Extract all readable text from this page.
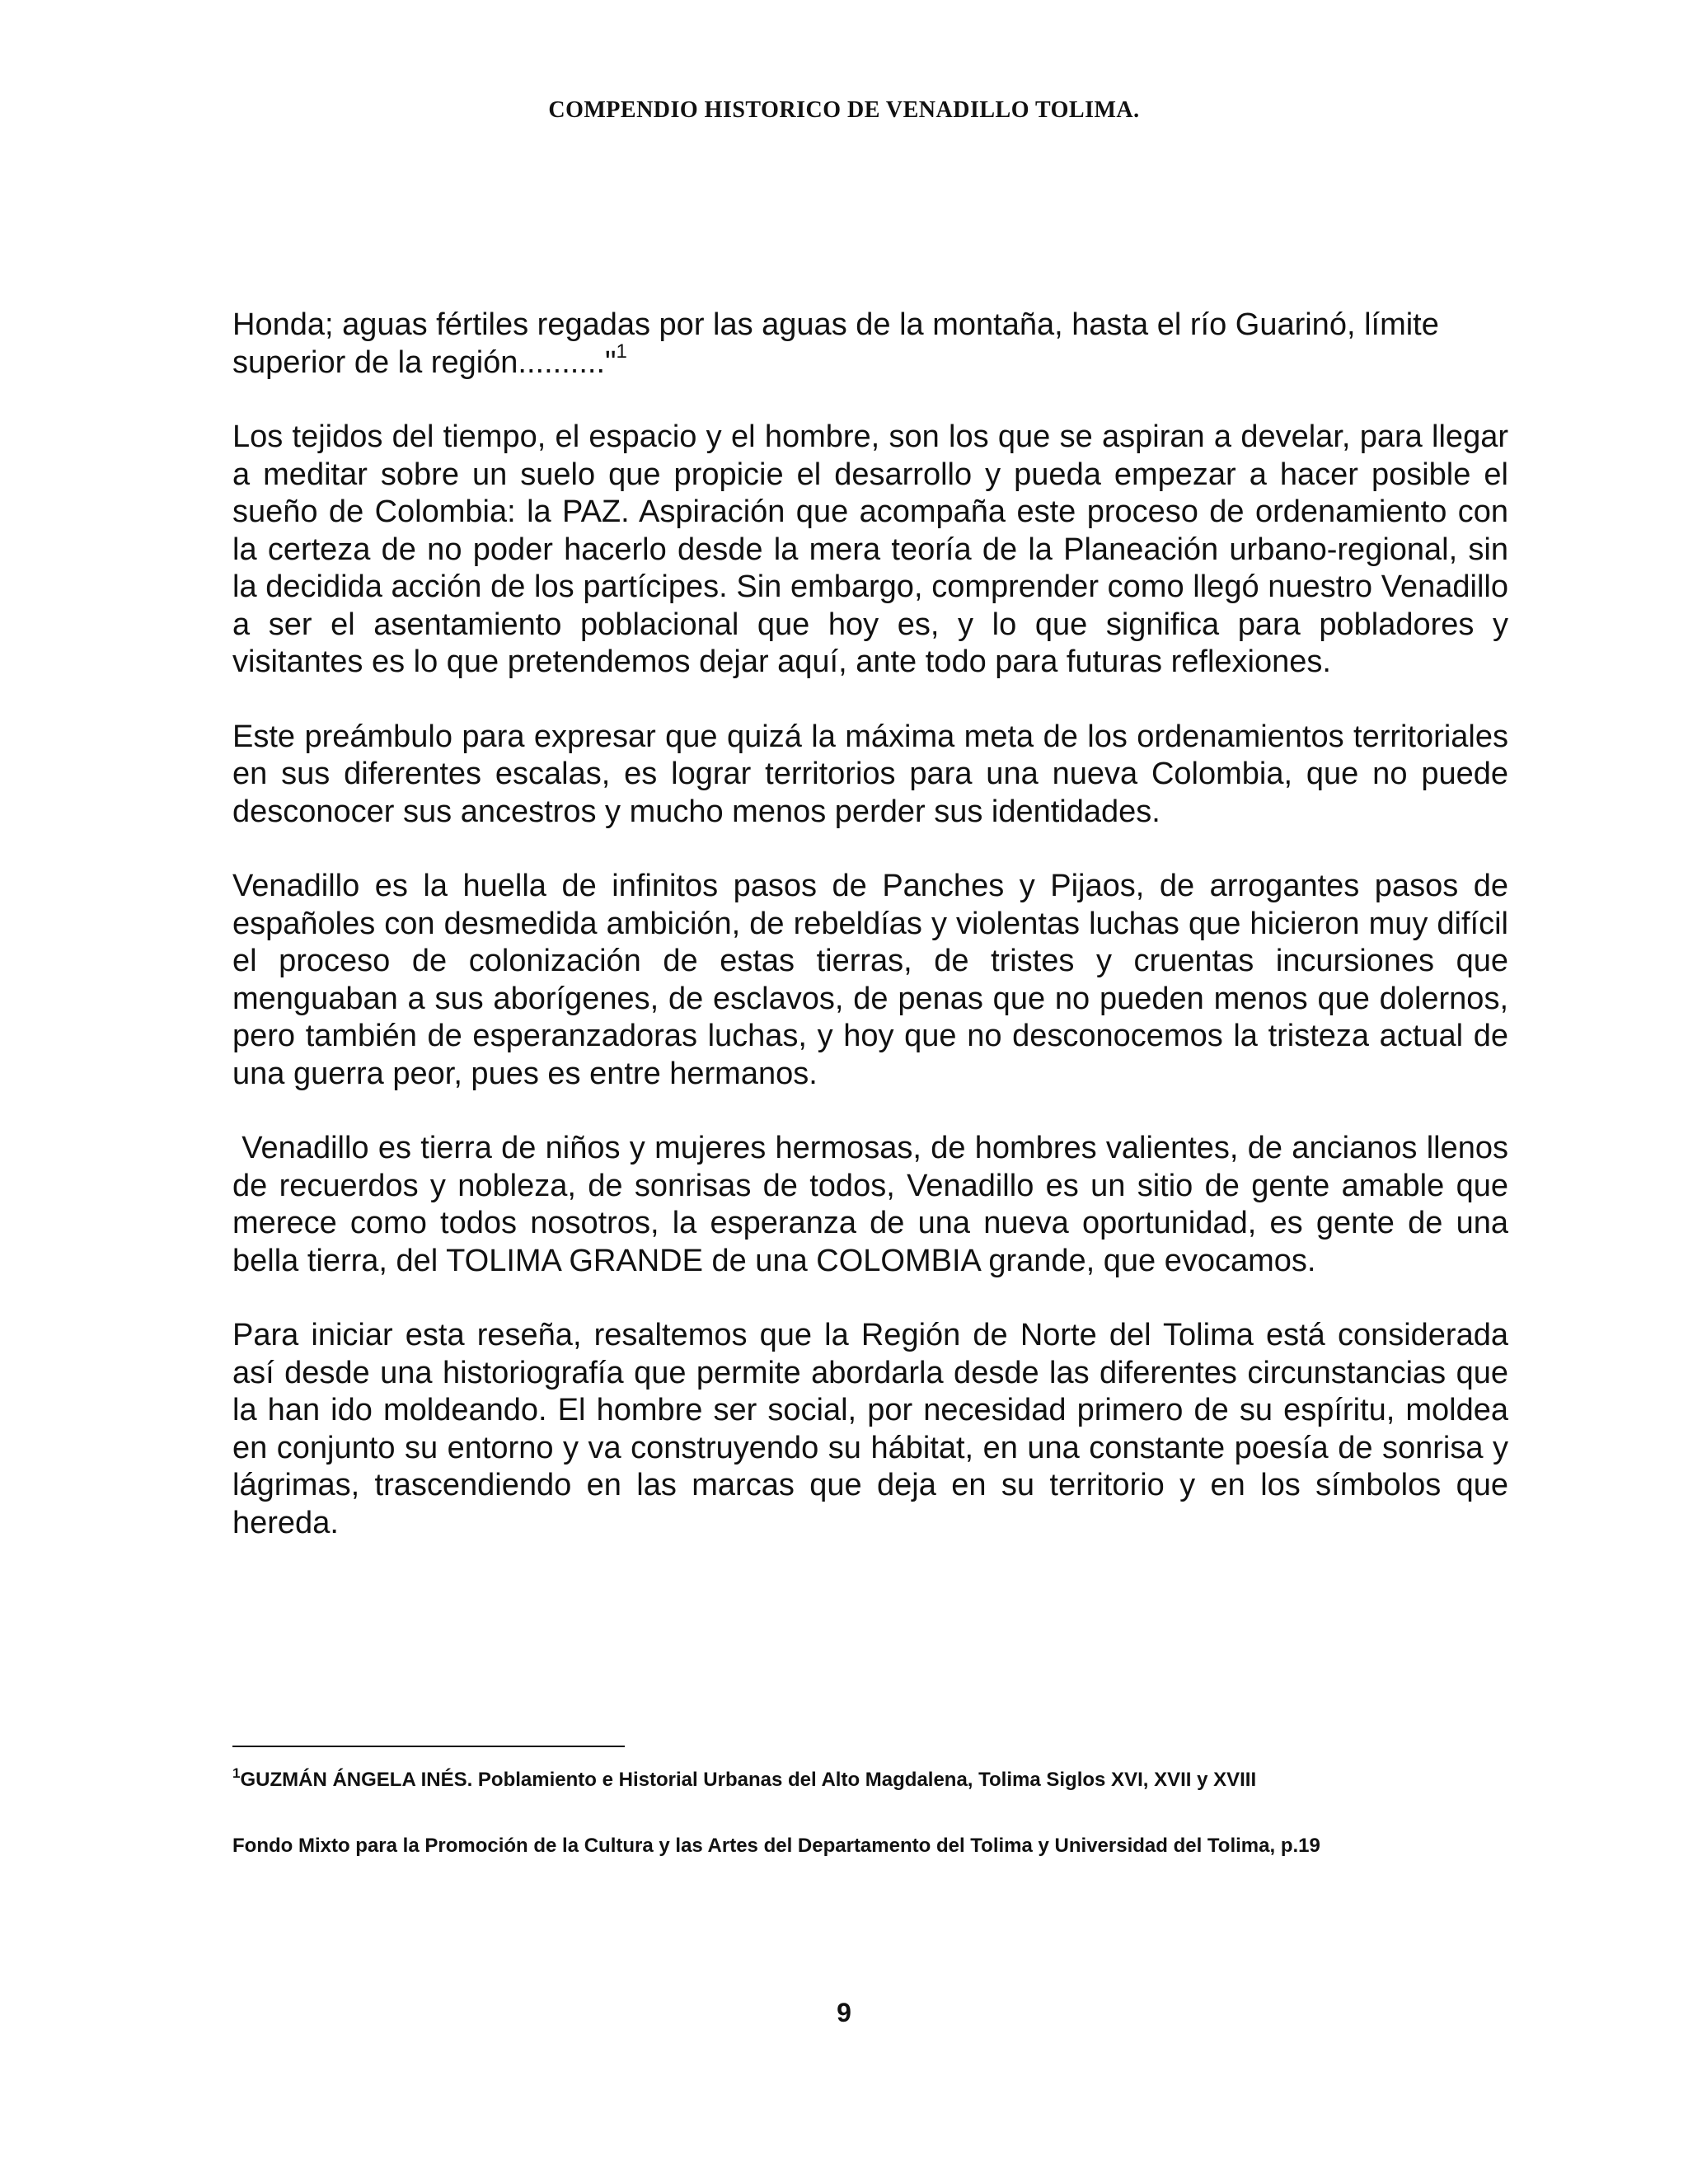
COMPENDIO HISTORICO DE VENADILLO TOLIMA.

Honda; aguas fértiles regadas por las aguas de la montaña, hasta el río Guarinó, límite superior de la región.........."$^1$

Los tejidos del tiempo, el espacio y el hombre, son los que se aspiran a develar, para llegar a meditar sobre un suelo que propicie el desarrollo y pueda empezar a hacer posible el sueño de Colombia: la PAZ. Aspiración que acompaña este proceso de ordenamiento con la certeza de no poder hacerlo desde la mera teoría de la Planeación urbano-regional, sin la decidida acción de los partícipes. Sin embargo, comprender como llegó nuestro Venadillo a ser el asentamiento poblacional que hoy es, y lo que significa para pobladores y visitantes es lo que pretendemos dejar aquí, ante todo para futuras reflexiones.

Este preámbulo para expresar que quizá la máxima meta de los ordenamientos territoriales en sus diferentes escalas, es lograr territorios para una nueva Colombia, que no puede desconocer sus ancestros y mucho menos perder sus identidades.

Venadillo es la huella de infinitos pasos de Panches y Pijaos, de arrogantes pasos de españoles con desmedida ambición, de rebeldías y violentas luchas que hicieron muy difícil el proceso de colonización de estas tierras, de tristes y cruentas incursiones que menguaban a sus aborígenes, de esclavos, de penas que no pueden menos que dolernos, pero también de esperanzadoras luchas, y hoy que no desconocemos la tristeza actual de una guerra peor, pues es entre hermanos.

Venadillo es tierra de niños y mujeres hermosas, de hombres valientes, de ancianos llenos de recuerdos y nobleza, de sonrisas de todos, Venadillo es un sitio de gente amable que merece como todos nosotros, la esperanza de una nueva oportunidad, es gente de una bella tierra, del TOLIMA GRANDE de una COLOMBIA grande, que evocamos.

Para iniciar esta reseña, resaltemos que la Región de Norte del Tolima está considerada así desde una historiografía que permite abordarla desde las diferentes circunstancias que la han ido moldeando. El hombre ser social, por necesidad primero de su espíritu, moldea en conjunto su entorno y va construyendo su hábitat, en una constante poesía de sonrisa y lágrimas, trascendiendo en las marcas que deja en su territorio y en los símbolos que hereda.

$^1$GUZMÁN ÁNGELA INÉS. Poblamiento e Historial Urbanas del Alto Magdalena, Tolima Siglos XVI, XVII y XVIII
Fondo Mixto para la Promoción de la Cultura y las Artes del Departamento del Tolima y Universidad del Tolima, p.19
9
